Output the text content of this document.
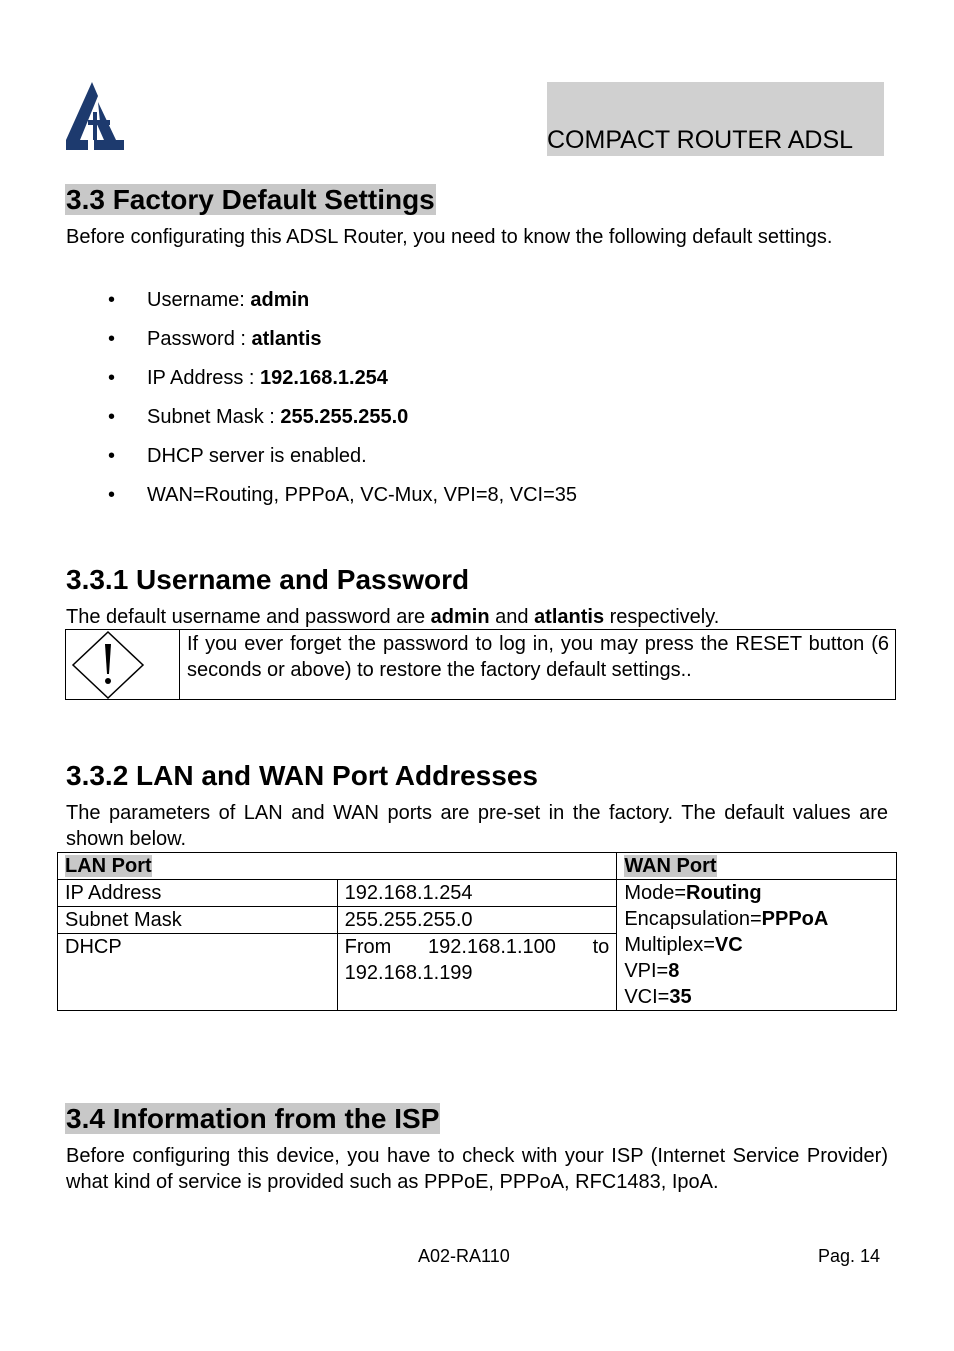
COMPACT ROUTER ADSL
3.3 Factory Default Settings
Before configurating this ADSL Router, you need to know the following default settings.
• Username: admin
• Password : atlantis
• IP Address : 192.168.1.254
• Subnet Mask : 255.255.255.0
• DHCP server is enabled.
• WAN=Routing, PPPoA, VC-Mux, VPI=8, VCI=35
3.3.1 Username and Password
The default username and password are admin and atlantis respectively.
If you ever forget the password to log in, you may press the RESET button (6 seconds or above) to restore the factory default settings..
3.3.2 LAN and WAN Port Addresses
The parameters of LAN and WAN ports are pre-set in the factory. The default values are shown below.
LAN Port		WAN Port
IP Address	192.168.1.254	Mode=Routing
Encapsulation=PPPoA
Multiplex=VC
VPI=8
VCI=35

Subnet Mask	255.255.255.0	
DHCP	From    192.168.1.100    to 192.168.1.199	
3.4 Information from the ISP
Before configuring this device, you have to check with your ISP (Internet Service Provider) what kind of service is provided such as PPPoE, PPPoA, RFC1483, IpoA.
A02-RA110	Pag. 14
